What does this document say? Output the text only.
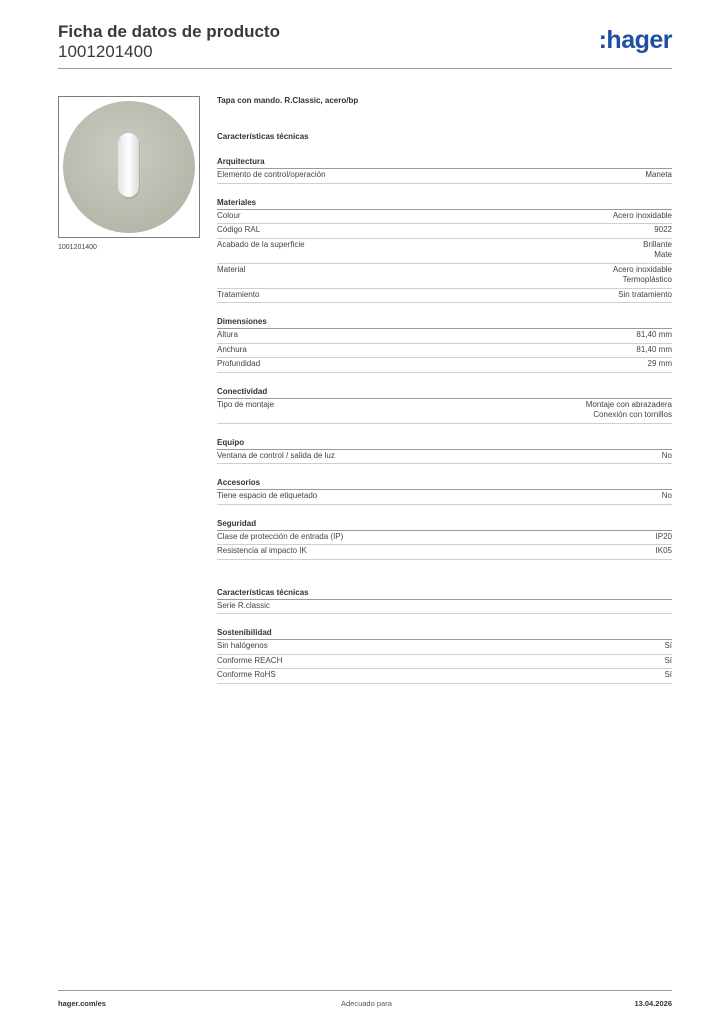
Ficha de datos de producto
1001201400	:hager
1001201400
Tapa con mando. R.Classic, acero/bp
Características técnicas
Arquitectura
Elemento de control/operación	Maneta
Materiales
Colour	Acero inoxidable
Código RAL	9022
Acabado de la superficie	Brillante
Mate
Material	Acero inoxidable
Termoplástico
Tratamiento	Sin tratamiento
Dimensiones
Altura	81,40 mm
Anchura	81,40 mm
Profundidad	29 mm
Conectividad
Tipo de montaje	Montaje con abrazadera
Conexión con tornillos
Equipo
Ventana de control / salida de luz	No
Accesorios
Tiene espacio de etiquetado	No
Seguridad
Clase de protección de entrada (IP)	IP20
Resistencia al impacto IK	IK05
Características técnicas
Serie R.classic
Sostenibilidad
Sin halógenos	Sí
Conforme REACH	Sí
Conforme RoHS	Sí
hager.com/es	Adecuado para	13.04.2026
